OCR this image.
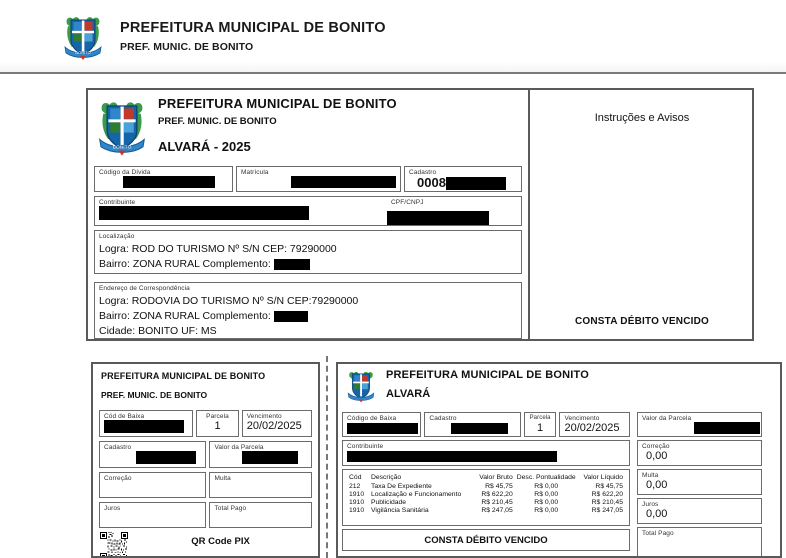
BONITO
PREFEITURA MUNICIPAL DE BONITO
PREF. MUNIC. DE BONITO
BONITO
PREFEITURA MUNICIPAL DE BONITO
PREF. MUNIC. DE BONITO
ALVARÁ - 2025
Código da Dívida	Matrícula	Cadastro
0008
Contribuinte	CPF/CNPJ
Localização
Logra: ROD DO TURISMO Nº S/N CEP: 79290000
Bairro: ZONA RURAL Complemento:
Endereço de Correspondência
Logra: RODOVIA DO TURISMO Nº S/N CEP:79290000
Bairro: ZONA RURAL Complemento:
Cidade: BONITO UF: MS
Instruções e Avisos
CONSTA DÉBITO VENCIDO
PREFEITURA MUNICIPAL DE BONITO
PREF. MUNIC. DE BONITO
Cód de Baixa	Parcela
1
Vencimento
20/02/2025
Cadastro	Valor da Parcela
Correção	Multa
Juros	Total Pago
QR Code PIX
PREFEITURA MUNICIPAL DE BONITO
ALVARÁ
Código de Baixa	Cadastro	Parcela
1
Vencimento
20/02/2025
Contribuinte
Cód	Descrição	Valor Bruto	Desc. Pontualidade	Valor Líquido
212	Taxa De Expediente	R$ 45,75	R$ 0,00	R$ 45,75
1910	Localização e Funcionamento	R$ 622,20	R$ 0,00	R$ 622,20
1910	Publicidade	R$ 210,45	R$ 0,00	R$ 210,45
1910	Vigilância Sanitária	R$ 247,05	R$ 0,00	R$ 247,05
CONSTA DÉBITO VENCIDO
Valor da Parcela
Correção
0,00
Multa
0,00
Juros
0,00
Total Pago
